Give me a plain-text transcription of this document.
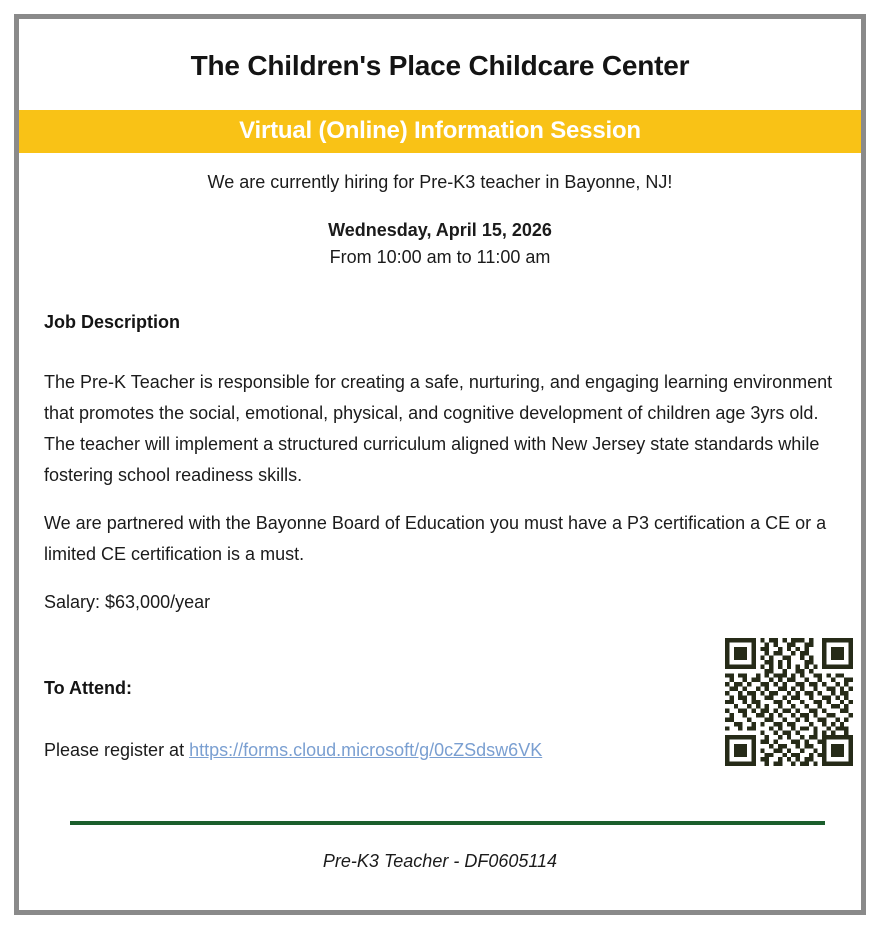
The Children's Place Childcare Center
Virtual (Online) Information Session

We are currently hiring for Pre-K3 teacher in Bayonne, NJ!

Wednesday, April 15, 2026
From 10:00 am to 11:00 am
Job Description

The Pre-K Teacher is responsible for creating a safe, nurturing, and engaging learning environment that promotes the social, emotional, physical, and cognitive development of children age 3yrs old. The teacher will implement a structured curriculum aligned with New Jersey state standards while fostering school readiness skills.

We are partnered with the Bayonne Board of Education you must have a P3 certification a CE or a limited CE certification is a must.

Salary: $63,000/year

To Attend:
Please register at https://forms.cloud.microsoft/g/0cZSdsw6VK
Pre-K3 Teacher - DF0605114
